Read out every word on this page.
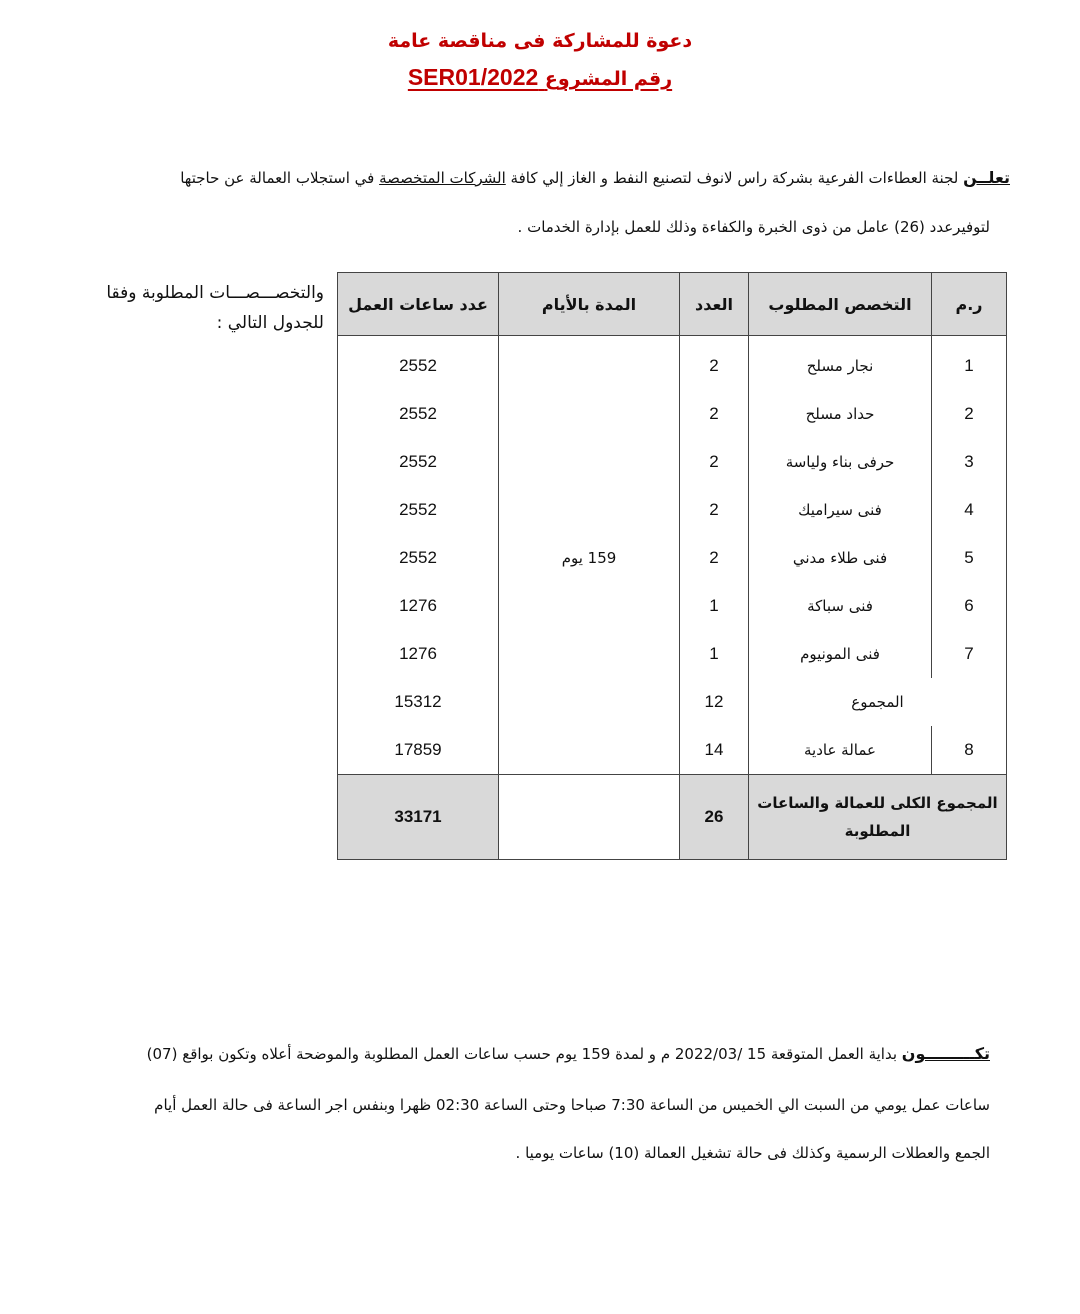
دعوة للمشاركة فى مناقصة عامة
رقم المشروع SER01/2022
تعلــن لجنة العطاءات الفرعية بشركة راس لانوف لتصنيع النفط و الغاز إلي كافة الشركات المتخصصة في استجلاب العمالة عن حاجتها
لتوفيرعدد (26) عامل من ذوى الخبرة والكفاءة وذلك للعمل بإدارة الخدمات .
والتخصـــصـــات المطلوبة وفقا للجدول التالي :
ر.م	التخصص المطلوب	العدد	المدة بالأيام	عدد ساعات العمل
1	نجار مسلح	2	159 يوم	2552
2	حداد مسلح	2		2552
3	حرفى بناء ولياسة	2		2552
4	فنى سيراميك	2		2552
5	فنى طلاء مدني	2		2552
6	فنى سباكة	1		1276
7	فنى المونيوم	1		1276
المجموع		12		15312
8	عمالة عادية	14		17859
المجموع الكلى للعمالة والساعات المطلوبة		26		33171
تكـــــــــون بداية العمل المتوقعة 15 /2022/03 م و لمدة 159 يوم حسب ساعات العمل المطلوبة والموضحة أعلاه وتكون بواقع (07)
ساعات عمل يومي من السبت الي الخميس من الساعة 7:30 صباحا وحتى الساعة 02:30 ظهرا وبنفس اجر الساعة فى حالة العمل أيام
الجمع والعطلات الرسمية وكذلك فى حالة تشغيل العمالة (10) ساعات يوميا .
